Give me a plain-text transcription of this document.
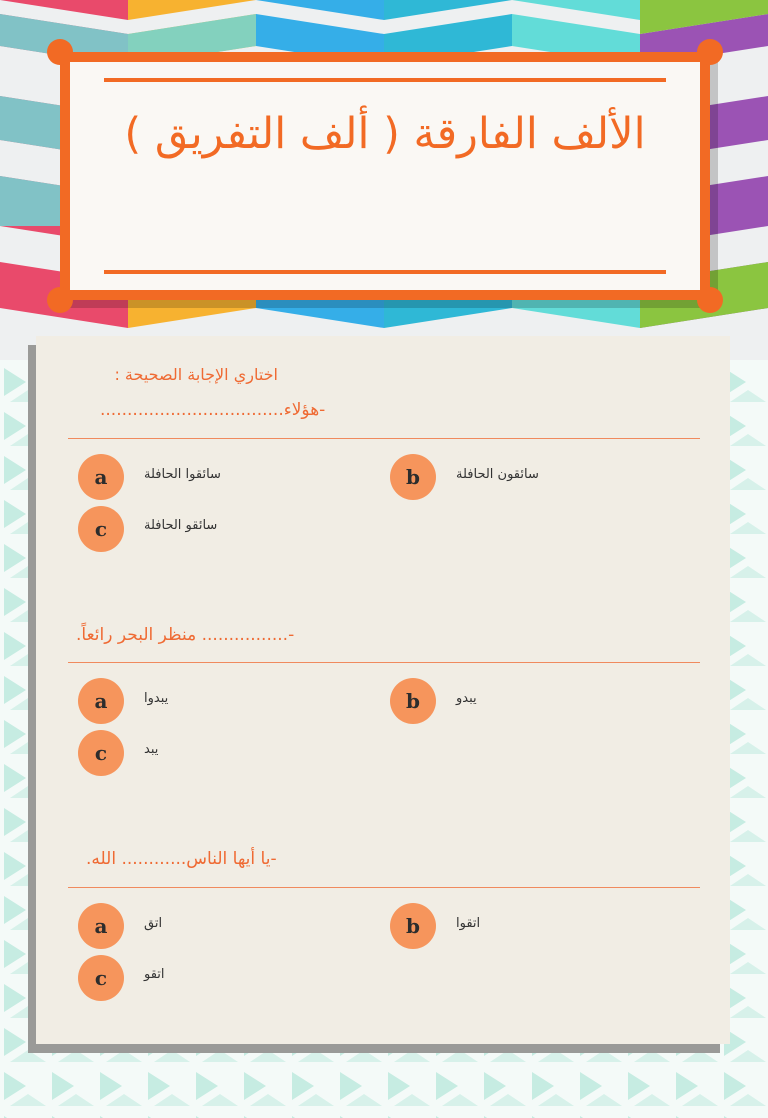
الألف الفارقة ( ألف التفريق )
اختاري الإجابة الصحيحة :
-هؤلاء..................................
a	سائقوا الحافلة	b	سائقون الحافلة
c	سائقو الحافلة
-................ منظر البحر رائعاً.
a	يبدوا	b	يبدو
c	يبد
-يا أيها الناس............ الله.
a	اتق	b	اتقوا
c	اتقو
